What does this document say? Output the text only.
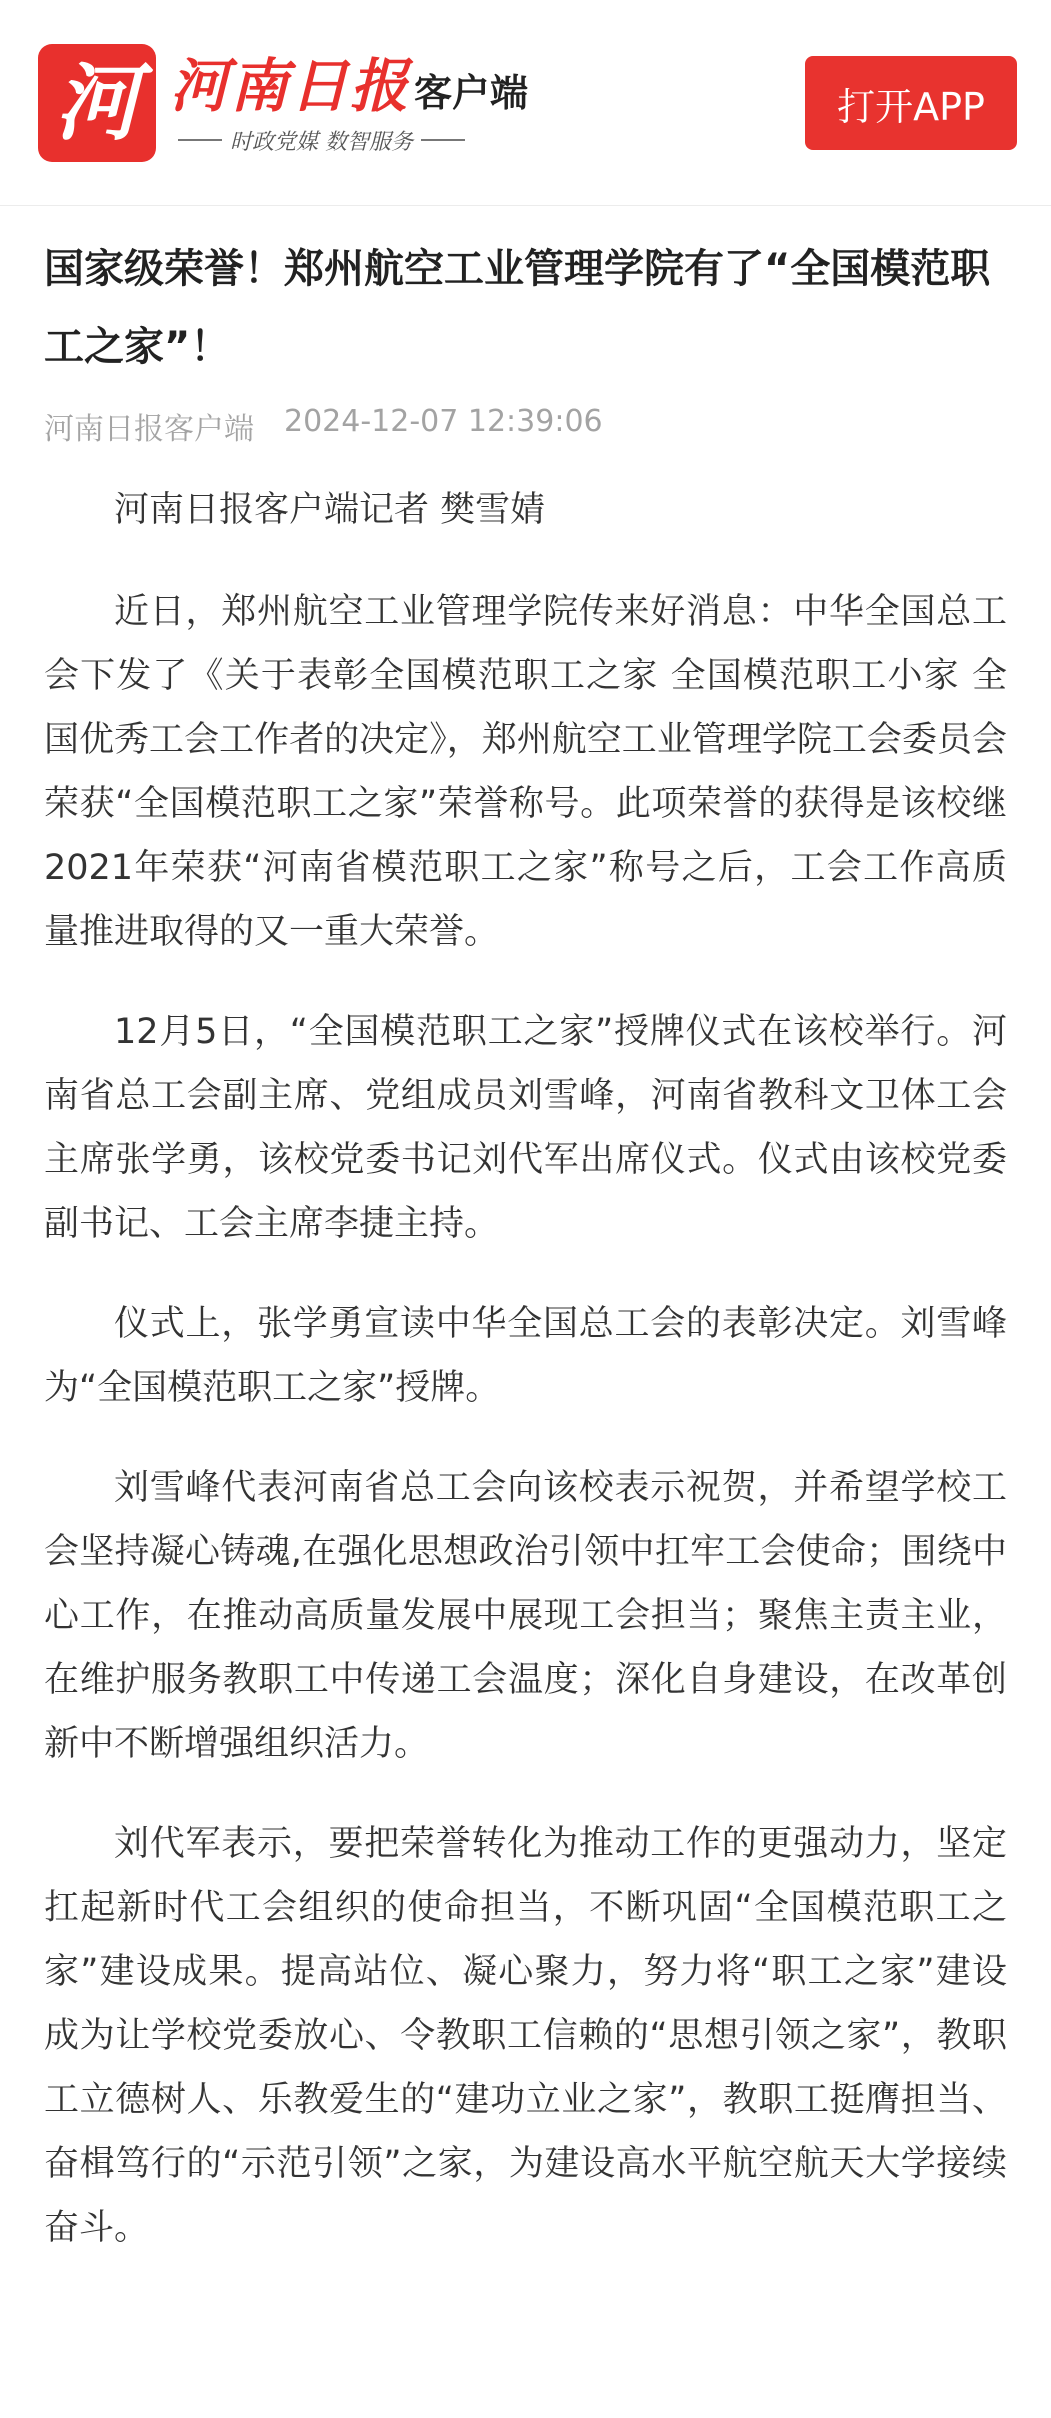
河 河南日报 客户端
时政党媒 数智服务
打开APP
国家级荣誉！郑州航空工业管理学院有了“全国模范职工之家”！
河南日报客户端 2024-12-07 12:39:06

河南日报客户端记者 樊雪婧

近日，郑州航空工业管理学院传来好消息：中华全国总工会下发了《关于表彰全国模范职工之家 全国模范职工小家 全国优秀工会工作者的决定》，郑州航空工业管理学院工会委员会荣获“全国模范职工之家”荣誉称号。此项荣誉的获得是该校继2021年荣获“河南省模范职工之家”称号之后，工会工作高质量推进取得的又一重大荣誉。

12月5日，“全国模范职工之家”授牌仪式在该校举行。河南省总工会副主席、党组成员刘雪峰，河南省教科文卫体工会主席张学勇，该校党委书记刘代军出席仪式。仪式由该校党委副书记、工会主席李捷主持。

仪式上，张学勇宣读中华全国总工会的表彰决定。刘雪峰为“全国模范职工之家”授牌。

刘雪峰代表河南省总工会向该校表示祝贺，并希望学校工会坚持凝心铸魂,在强化思想政治引领中扛牢工会使命；围绕中心工作，在推动高质量发展中展现工会担当；聚焦主责主业，在维护服务教职工中传递工会温度；深化自身建设，在改革创新中不断增强组织活力。

刘代军表示，要把荣誉转化为推动工作的更强动力，坚定扛起新时代工会组织的使命担当，不断巩固“全国模范职工之家”建设成果。提高站位、凝心聚力，努力将“职工之家”建设成为让学校党委放心、令教职工信赖的“思想引领之家”，教职工立德树人、乐教爱生的“建功立业之家”，教职工挺膺担当、奋楫笃行的“示范引领”之家，为建设高水平航空航天大学接续奋斗。
